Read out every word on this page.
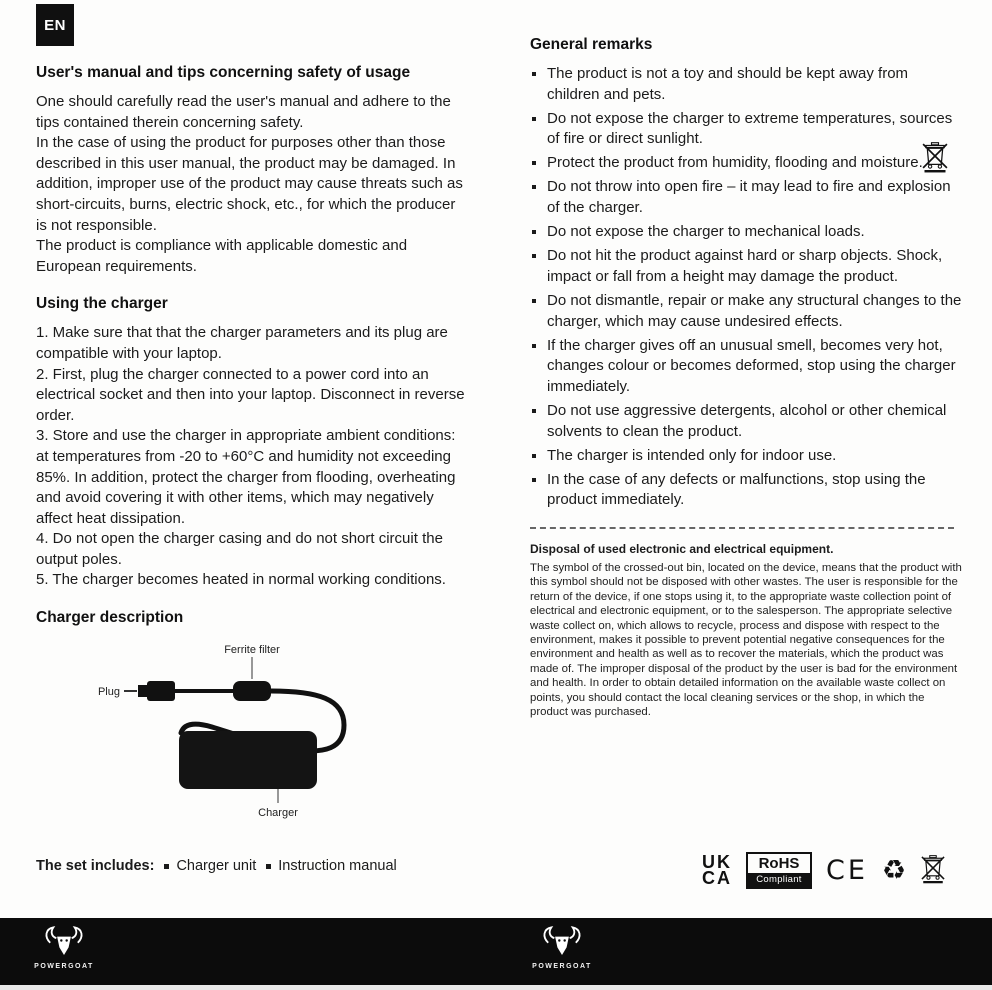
EN
User's manual and tips concerning safety of usage

One should carefully read the user's manual and adhere to the tips contained therein concerning safety.

In the case of using the product for purposes other than those described in this user manual, the product may be damaged. In addition, improper use of the product may cause threats such as short-circuits, burns, electric shock, etc., for which the producer is not responsible.

The product is compliance with applicable domestic and European requirements.

Using the charger

1. Make sure that that the charger parameters and its plug are compatible with your laptop.

2. First, plug the charger connected to a power cord into an electrical socket and then into your laptop. Disconnect in reverse order.

3. Store and use the charger in appropriate ambient conditions: at temperatures from -20 to +60°C and humidity not exceeding 85%. In addition, protect the charger from flooding, overheating and avoid covering it with other items, which may negatively affect heat dissipation.

4. Do not open the charger casing and do not short circuit the output poles.

5. The charger becomes heated in normal working conditions.

Charger description
Ferrite filter
Plug
Charger
The set includes: Charger unit Instruction manual
General remarks
▪ The product is not a toy and should be kept away from children and pets.
▪ Do not expose the charger to extreme temperatures, sources of fire or direct sunlight.
▪ Protect the product from humidity, flooding and moisture.
▪ Do not throw into open fire – it may lead to fire and explosion of the charger.
▪ Do not expose the charger to mechanical loads.
▪ Do not hit the product against hard or sharp objects. Shock, impact or fall from a height may damage the product.
▪ Do not dismantle, repair or make any structural changes to the charger, which may cause undesired effects.
▪ If the charger gives off an unusual smell, becomes very hot, changes colour or becomes deformed, stop using the charger immediately.
▪ Do not use aggressive detergents, alcohol or other chemical solvents to clean the product.
▪ The charger is intended only for indoor use.
▪ In the case of any defects or malfunctions, stop using the product immediately.
Disposal of used electronic and electrical equipment.

The symbol of the crossed-out bin, located on the device, means that the product with this symbol should not be disposed with other wastes. The user is responsible for the return of the device, if one stops using it, to the appropriate waste collection point of electrical and electronic equipment, or to the salesperson. The appropriate selective waste collect on, which allows to recycle, process and dispose with respect to the environment, makes it possible to prevent potential negative consequences for the environment and health as well as to recover the materials, which the product was made of. The improper disposal of the product by the user is bad for the environment and health. In order to obtain detailed information on the available waste collect on points, you should contact the local cleaning services or the shop, in which the product was purchased.

UK
CA
RoHS
Compliant CE ♻
POWERGOAT	POWERGOAT
